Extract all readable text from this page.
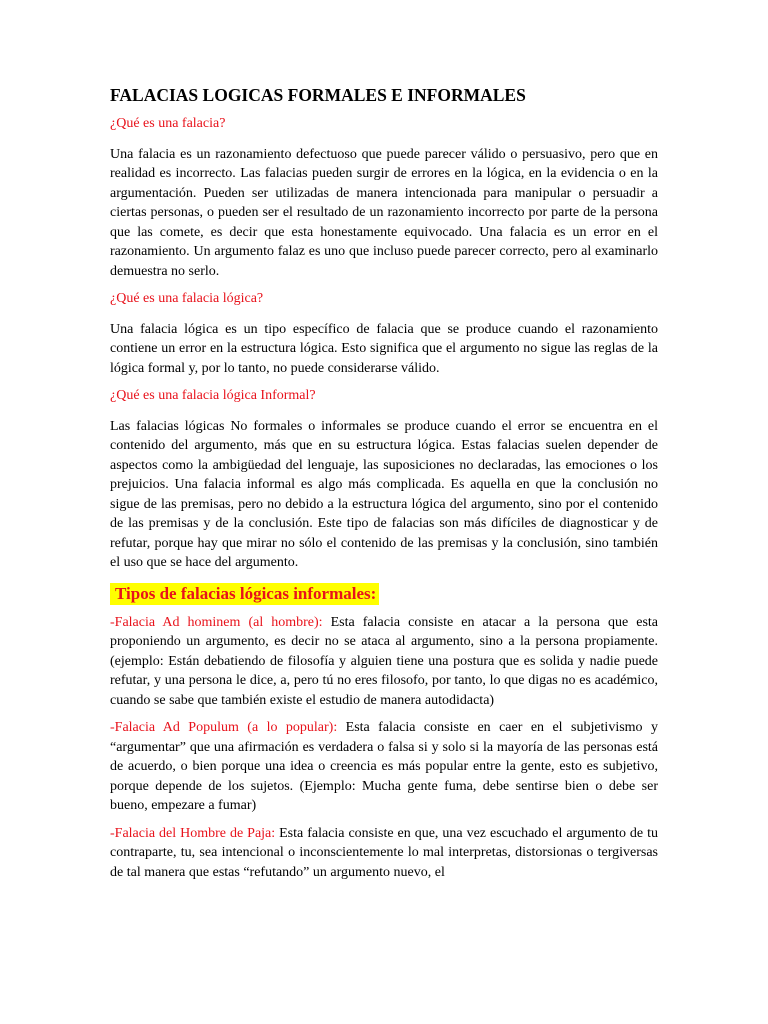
FALACIAS LOGICAS FORMALES E INFORMALES
¿Qué es una falacia?
Una falacia es un razonamiento defectuoso que puede parecer válido o persuasivo, pero que en realidad es incorrecto. Las falacias pueden surgir de errores en la lógica, en la evidencia o en la argumentación. Pueden ser utilizadas de manera intencionada para manipular o persuadir a ciertas personas, o pueden ser el resultado de un razonamiento incorrecto por parte de la persona que las comete, es decir que esta honestamente equivocado. Una falacia es un error en el razonamiento. Un argumento falaz es uno que incluso puede parecer correcto, pero al examinarlo demuestra no serlo.
¿Qué es una falacia lógica?
Una falacia lógica es un tipo específico de falacia que se produce cuando el razonamiento contiene un error en la estructura lógica. Esto significa que el argumento no sigue las reglas de la lógica formal y, por lo tanto, no puede considerarse válido.
¿Qué es una falacia lógica Informal?
Las falacias lógicas No formales o informales se produce cuando el error se encuentra en el contenido del argumento, más que en su estructura lógica. Estas falacias suelen depender de aspectos como la ambigüedad del lenguaje, las suposiciones no declaradas, las emociones o los prejuicios. Una falacia informal es algo más complicada. Es aquella en que la conclusión no sigue de las premisas, pero no debido a la estructura lógica del argumento, sino por el contenido de las premisas y de la conclusión. Este tipo de falacias son más difíciles de diagnosticar y de refutar, porque hay que mirar no sólo el contenido de las premisas y la conclusión, sino también el uso que se hace del argumento.
Tipos de falacias lógicas informales:
-Falacia Ad hominem (al hombre): Esta falacia consiste en atacar a la persona que esta proponiendo un argumento, es decir no se ataca al argumento, sino a la persona propiamente. (ejemplo: Están debatiendo de filosofía y alguien tiene una postura que es solida y nadie puede refutar, y una persona le dice, a, pero tú no eres filosofo, por tanto, lo que digas no es académico, cuando se sabe que también existe el estudio de manera autodidacta)
-Falacia Ad Populum (a lo popular): Esta falacia consiste en caer en el subjetivismo y “argumentar” que una afirmación es verdadera o falsa si y solo si la mayoría de las personas está de acuerdo, o bien porque una idea o creencia es más popular entre la gente, esto es subjetivo, porque depende de los sujetos. (Ejemplo: Mucha gente fuma, debe sentirse bien o debe ser bueno, empezare a fumar)
-Falacia del Hombre de Paja: Esta falacia consiste en que, una vez escuchado el argumento de tu contraparte, tu, sea intencional o inconscientemente lo mal interpretas, distorsionas o tergiversas de tal manera que estas “refutando” un argumento nuevo, el
